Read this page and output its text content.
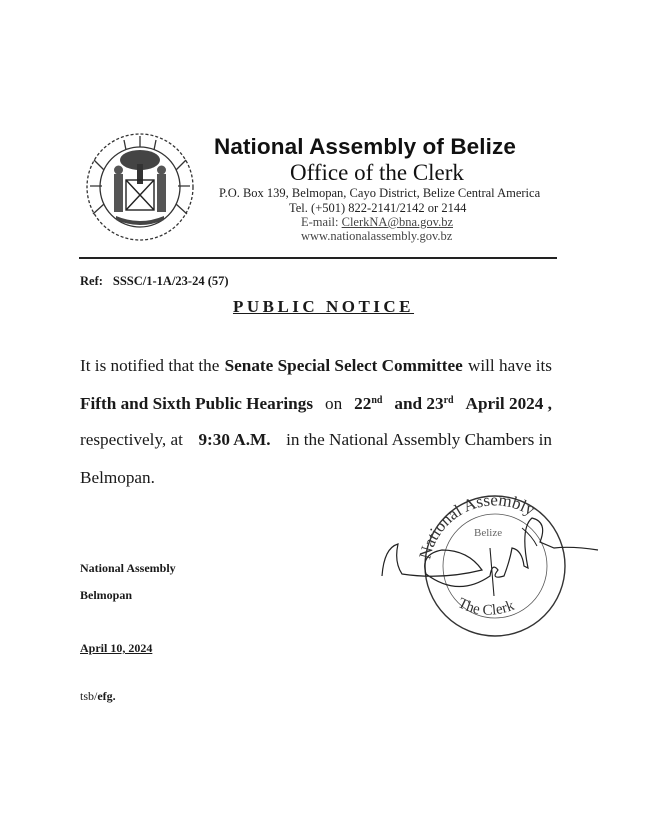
National Assembly of Belize
Office of the Clerk
P.O. Box 139, Belmopan, Cayo District, Belize Central America
Tel. (+501) 822-2141/2142 or 2144
E-mail: ClerkNA@bna.gov.bz
www.nationalassembly.gov.bz
Ref: SSSC/1-1A/23-24 (57)
PUBLIC NOTICE
It is notified that the Senate Special Select Committee will have its
Fifth and Sixth Public Hearings on 22nd and 23rd April 2024 ,
respectively, at 9:30 A.M. in the National Assembly Chambers in
Belmopan.
National Assembly
Belmopan
April 10, 2024
tsb/efg.
National Assembly
Belize
The Clerk
